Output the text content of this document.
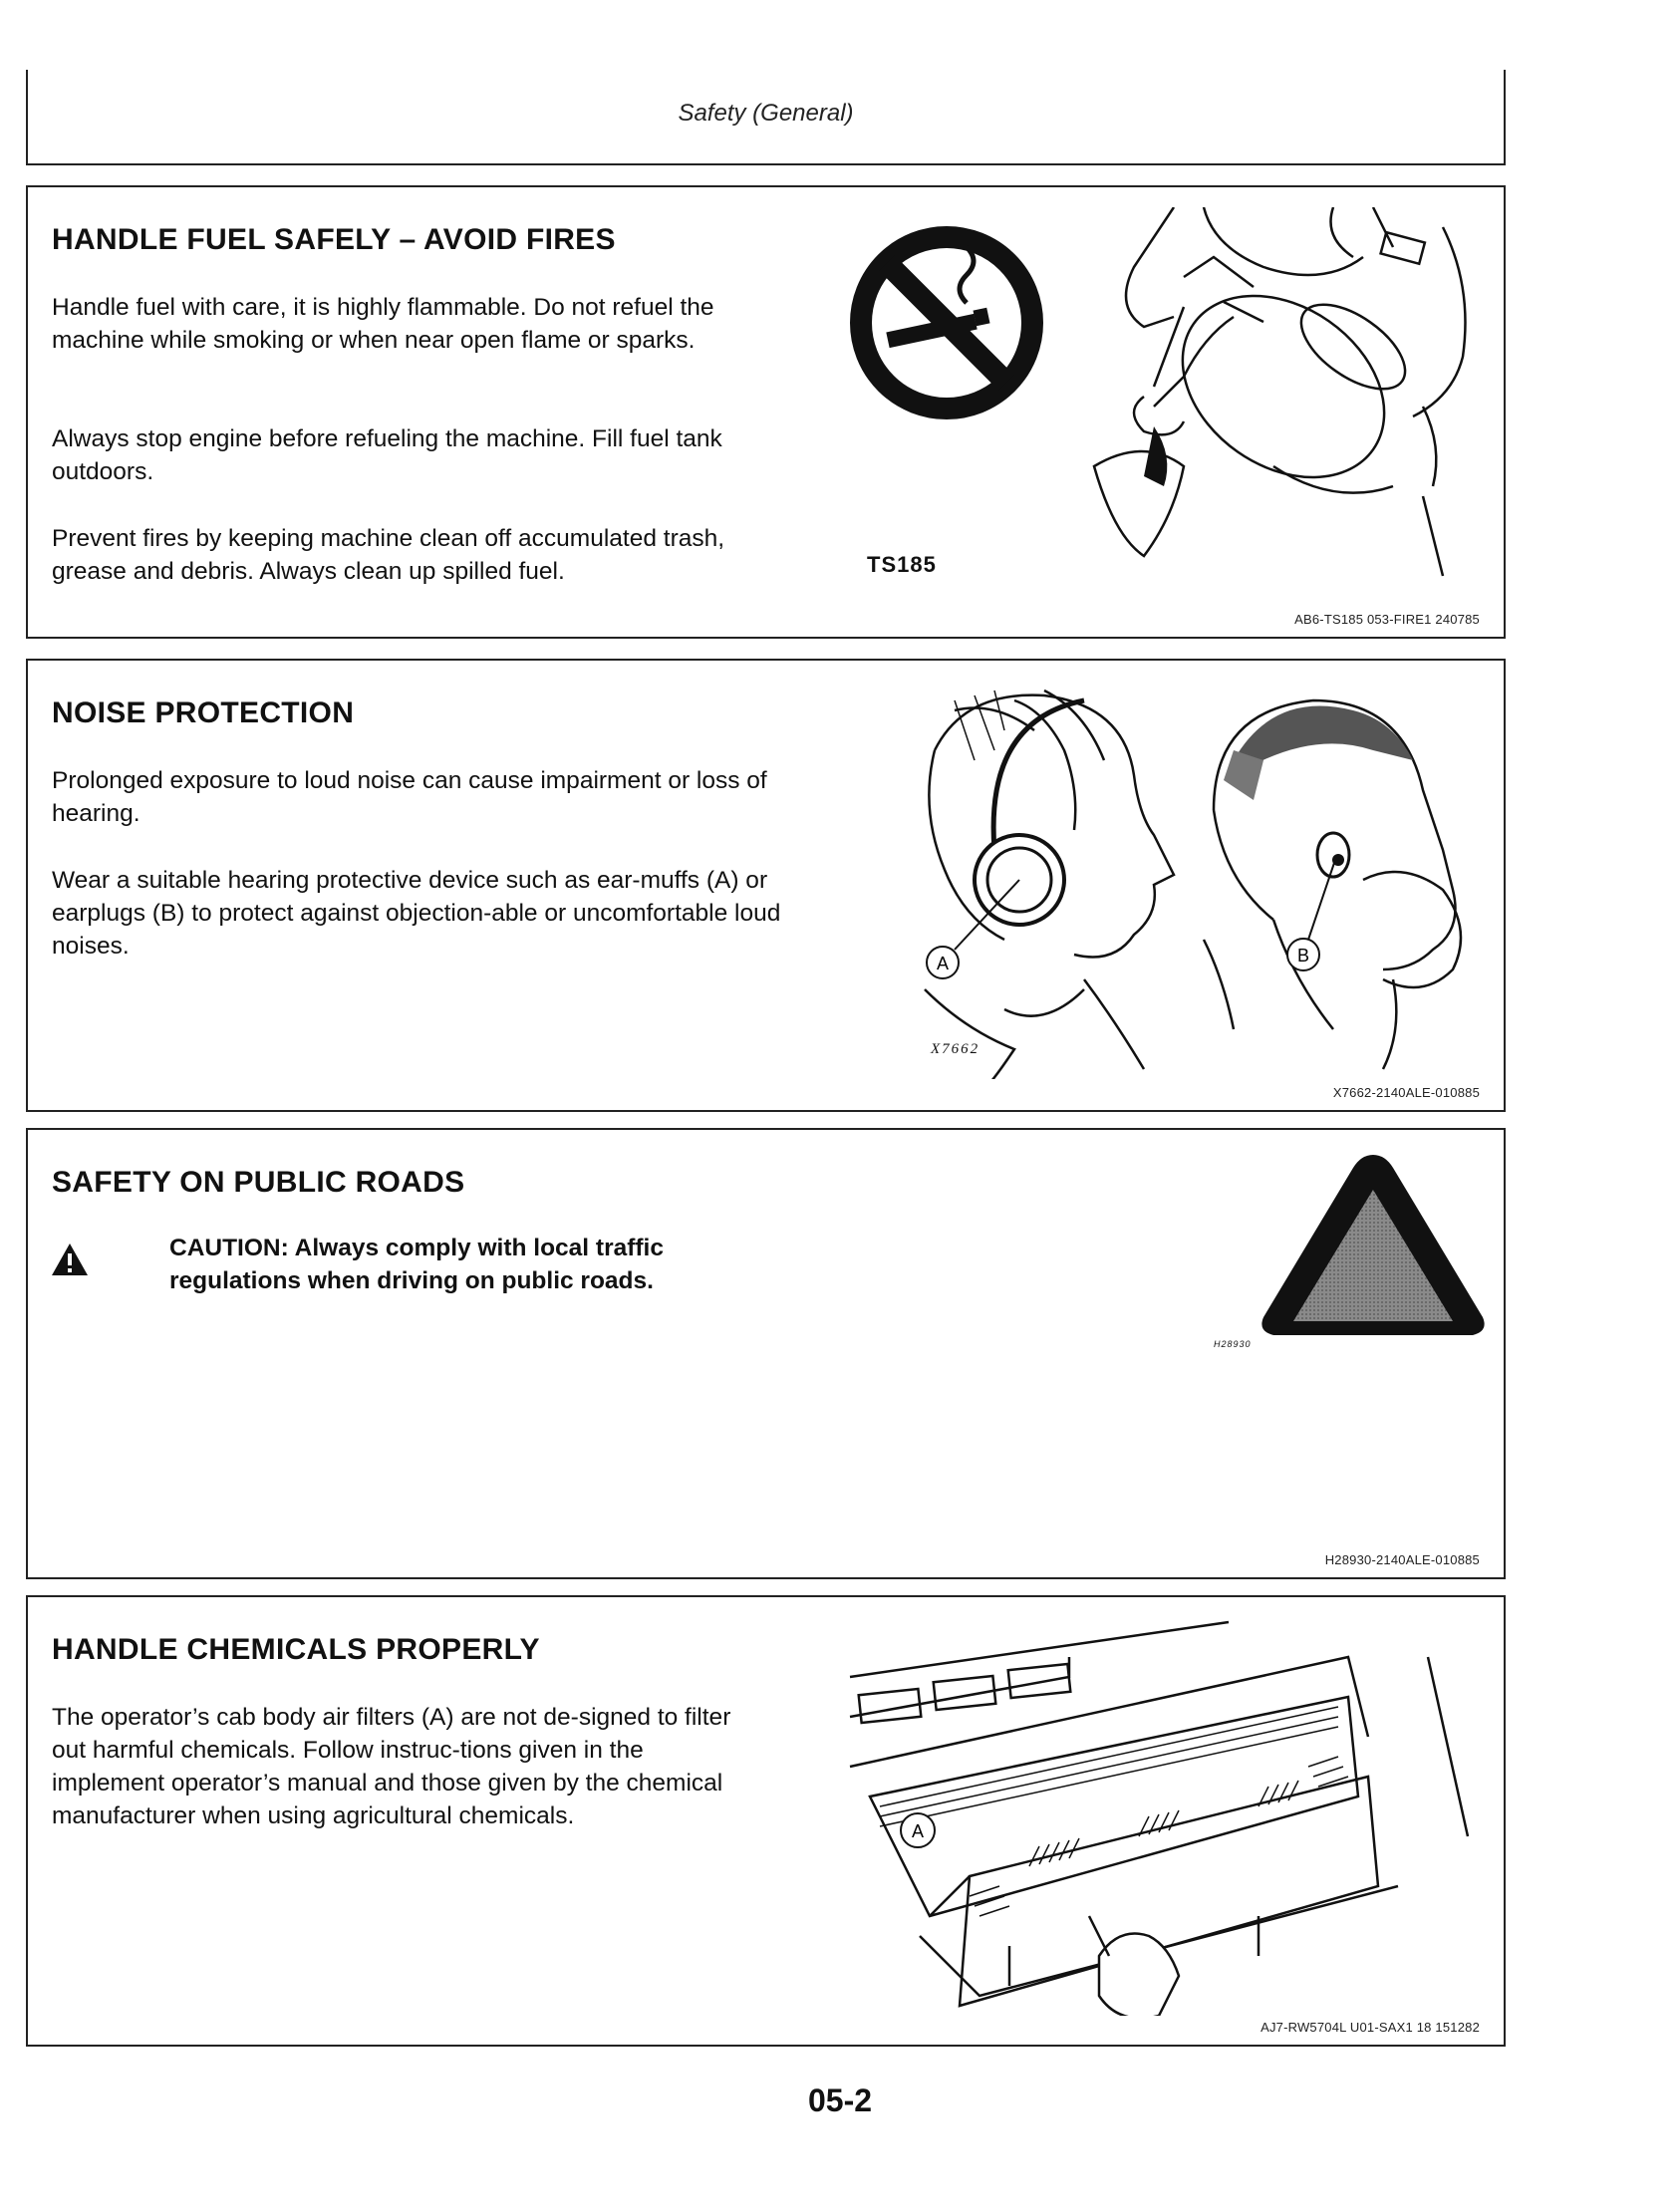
Safety (General)
HANDLE FUEL SAFELY – AVOID FIRES
Handle fuel with care, it is highly flammable. Do not refuel the machine while smoking or when near open flame or sparks.
Always stop engine before refueling the machine. Fill fuel tank outdoors.
Prevent fires by keeping machine clean off accumulated trash, grease and debris. Always clean up spilled fuel.	TS185
AB6-TS185 053-FIRE1 240785
NOISE PROTECTION
Prolonged exposure to loud noise can cause impairment or loss of hearing.
Wear a suitable hearing protective device such as ear-muffs (A) or earplugs (B) to protect against objection-able or uncomfortable loud noises.
A
X7662
B
X7662-2140ALE-010885
SAFETY ON PUBLIC ROADS
CAUTION: Always comply with local traffic regulations when driving on public roads.
H28930
H28930-2140ALE-010885
HANDLE CHEMICALS PROPERLY
The operator’s cab body air filters (A) are not de-signed to filter out harmful chemicals. Follow instruc-tions given in the implement operator’s manual and those given by the chemical manufacturer when using agricultural chemicals.
A
AJ7-RW5704L U01-SAX1 18 151282
05-2
